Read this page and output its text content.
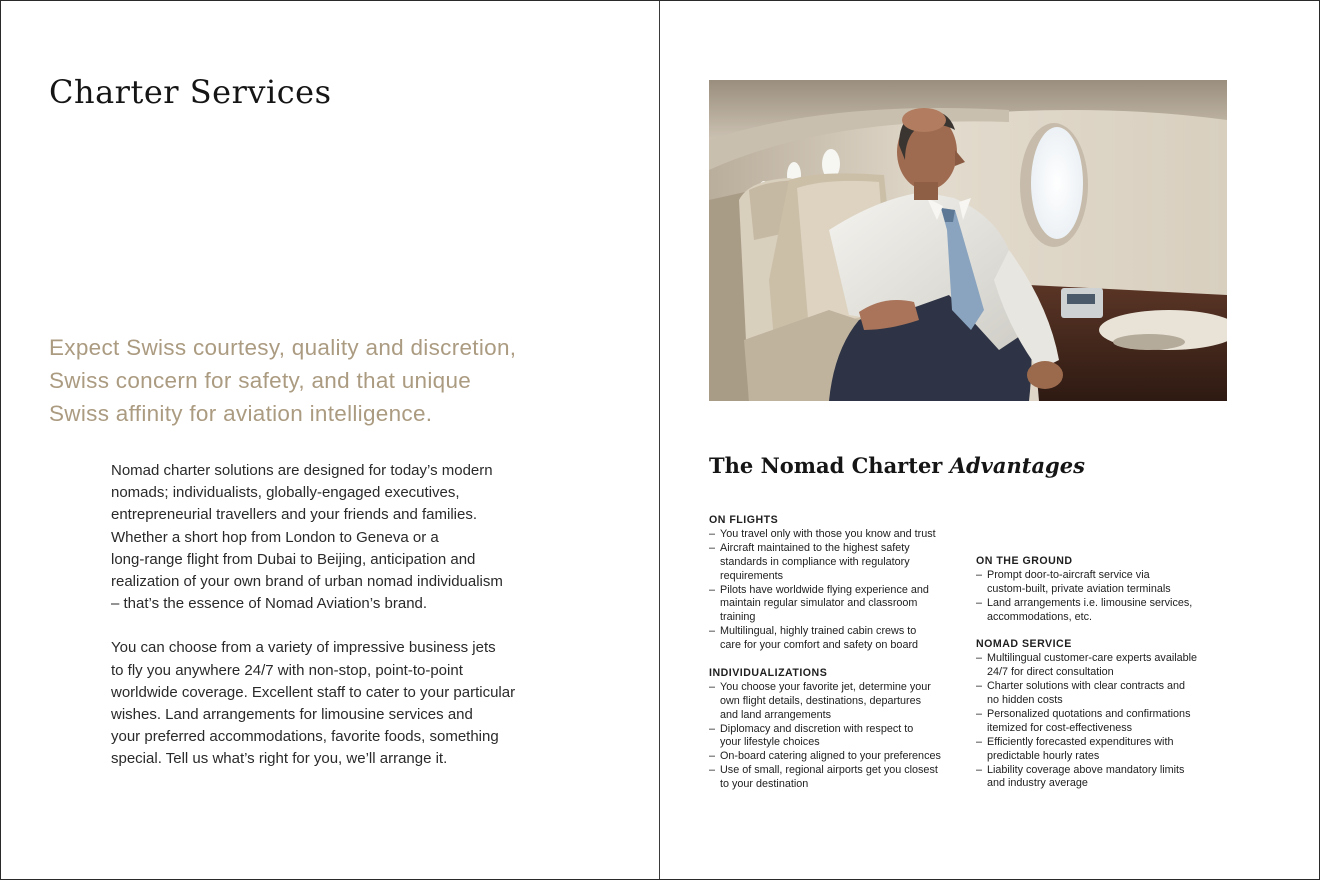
Charter Services
Expect Swiss courtesy, quality and discretion,
Swiss concern for safety, and that unique
Swiss affinity for aviation intelligence.
Nomad charter solutions are designed for today’s modern
nomads; individualists, globally-engaged executives,
entrepreneurial travellers and your friends and families.
Whether a short hop from London to Geneva or a
long-range flight from Dubai to Beijing, anticipation and
realization of your own brand of urban nomad individualism
– that’s the essence of Nomad Aviation’s brand.
You can choose from a variety of impressive business jets
to fly you anywhere 24/7 with non-stop, point-to-point
worldwide coverage. Excellent staff to cater to your particular
wishes. Land arrangements for limousine services and
your preferred accommodations, favorite foods, something
special. Tell us what’s right for you, we’ll arrange it.
The Nomad Charter Advantages
ON FLIGHTS
– You travel only with those you know and trust
– Aircraft maintained to the highest safety
standards in compliance with regulatory
requirements
– Pilots have worldwide flying experience and
maintain regular simulator and classroom
training
– Multilingual, highly trained cabin crews to
care for your comfort and safety on board
INDIVIDUALIZATIONS
– You choose your favorite jet, determine your
own flight details, destinations, departures
and land arrangements
– Diplomacy and discretion with respect to
your lifestyle choices
– On-board catering aligned to your preferences
– Use of small, regional airports get you closest
to your destination
ON THE GROUND
– Prompt door-to-aircraft service via
custom-built, private aviation terminals
– Land arrangements i.e. limousine services,
accommodations, etc.
NOMAD SERVICE
– Multilingual customer-care experts available
24/7 for direct consultation
– Charter solutions with clear contracts and
no hidden costs
– Personalized quotations and confirmations
itemized for cost-effectiveness
– Efficiently forecasted expenditures with
predictable hourly rates
– Liability coverage above mandatory limits
and industry average
